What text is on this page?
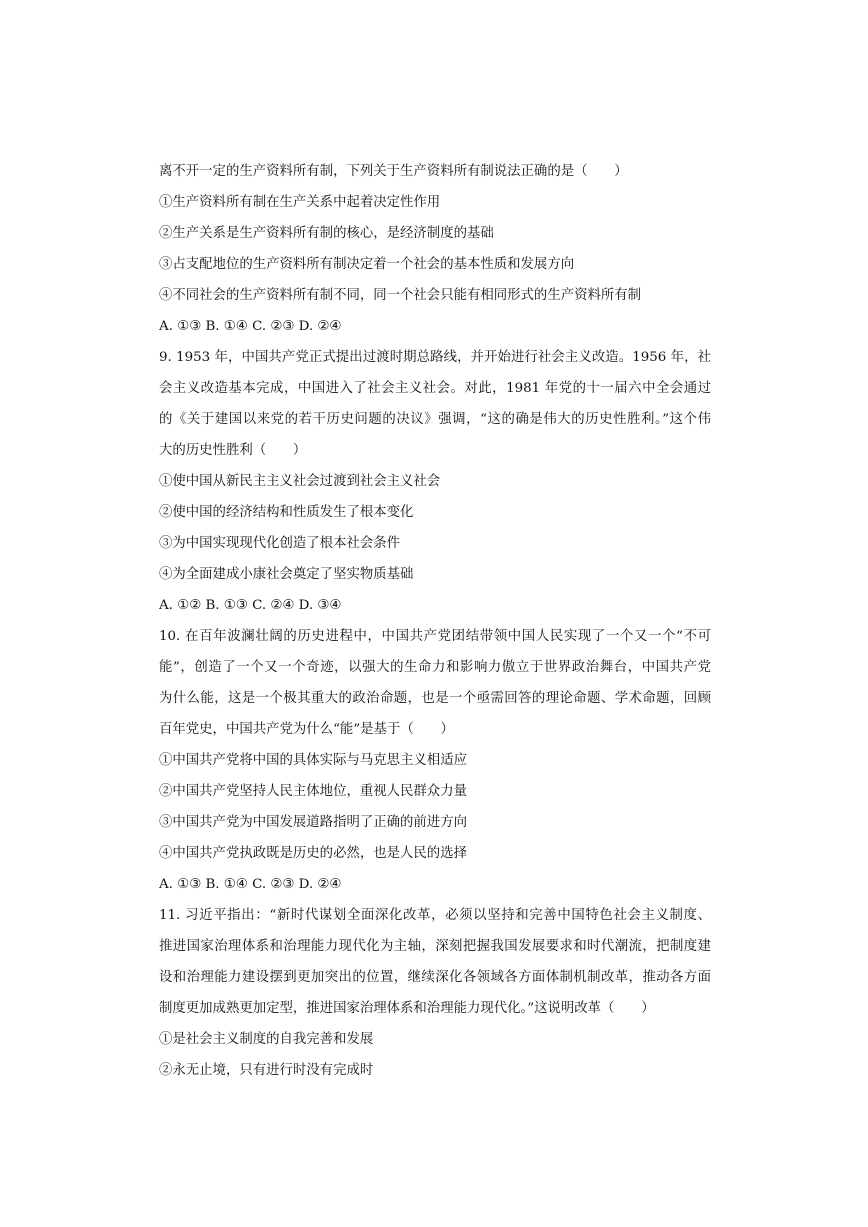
离不开一定的生产资料所有制，下列关于生产资料所有制说法正确的是（　　）
①生产资料所有制在生产关系中起着决定性作用
②生产关系是生产资料所有制的核心，是经济制度的基础
③占支配地位的生产资料所有制决定着一个社会的基本性质和发展方向
④不同社会的生产资料所有制不同，同一个社会只能有相同形式的生产资料所有制
A. ①③ B. ①④ C. ②③ D. ②④
9. 1953 年，中国共产党正式提出过渡时期总路线，并开始进行社会主义改造。1956 年，社
会主义改造基本完成，中国进入了社会主义社会。对此，1981 年党的十一届六中全会通过
的《关于建国以来党的若干历史问题的决议》强调，“这的确是伟大的历史性胜利。”这个伟
大的历史性胜利（　　）
①使中国从新民主主义社会过渡到社会主义社会
②使中国的经济结构和性质发生了根本变化
③为中国实现现代化创造了根本社会条件
④为全面建成小康社会奠定了坚实物质基础
A. ①② B. ①③ C. ②④ D. ③④
10. 在百年波澜壮阔的历史进程中，中国共产党团结带领中国人民实现了一个又一个“不可
能”，创造了一个又一个奇迹，以强大的生命力和影响力傲立于世界政治舞台，中国共产党
为什么能，这是一个极其重大的政治命题，也是一个亟需回答的理论命题、学术命题，回顾
百年党史，中国共产党为什么“能”是基于（　　）
①中国共产党将中国的具体实际与马克思主义相适应
②中国共产党坚持人民主体地位，重视人民群众力量
③中国共产党为中国发展道路指明了正确的前进方向
④中国共产党执政既是历史的必然，也是人民的选择
A. ①③ B. ①④ C. ②③ D. ②④
11. 习近平指出：“新时代谋划全面深化改革，必须以坚持和完善中国特色社会主义制度、
推进国家治理体系和治理能力现代化为主轴，深刻把握我国发展要求和时代潮流，把制度建
设和治理能力建设摆到更加突出的位置，继续深化各领域各方面体制机制改革，推动各方面
制度更加成熟更加定型，推进国家治理体系和治理能力现代化。”这说明改革（　　）
①是社会主义制度的自我完善和发展
②永无止境，只有进行时没有完成时
